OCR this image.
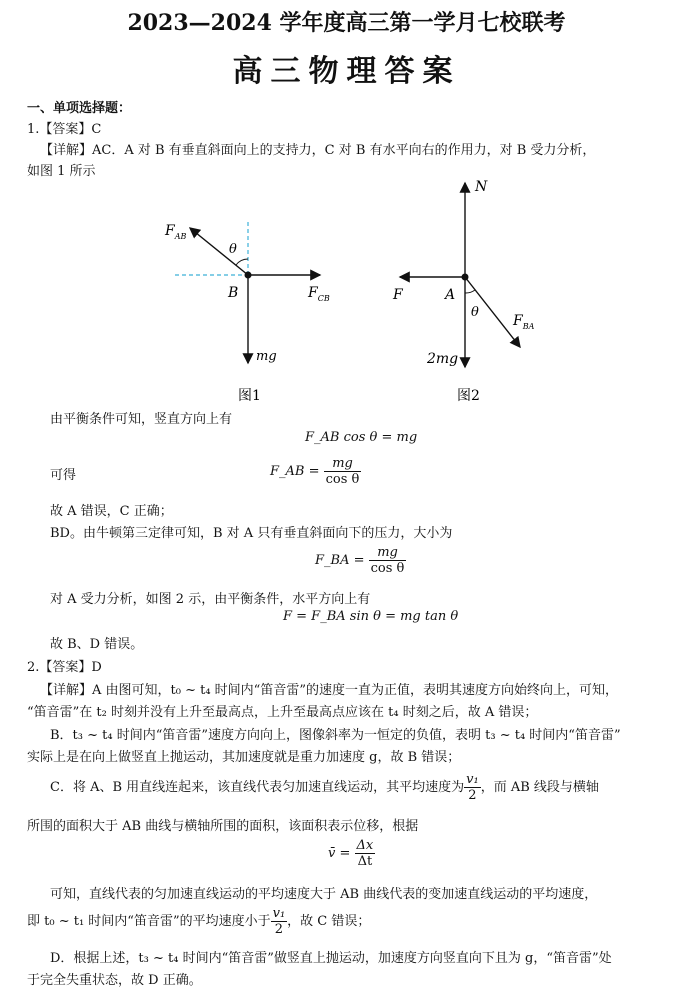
2023—2024 学年度高三第一学月七校联考
高三物理答案
一、单项选择题：
1.【答案】C
【详解】AC．A 对 B 有垂直斜面向上的支持力，C 对 B 有水平向右的作用力，对 B 受力分析，
如图 1 所示
$F_{AB}$
θ
B	$F_{CB}$
mg
图1
N
F	A
θ
$F_{BA}$
2mg
图2
由平衡条件可知，竖直方向上有
F_AB cos θ = mg
可得	F_AB = $\frac{mg}{\text{cos θ}}$
故 A 错误，C 正确；
BD。由牛顿第三定律可知，B 对 A 只有垂直斜面向下的压力，大小为
F_BA = $\frac{mg}{\text{cos θ}}$
对 A 受力分析，如图 2 示，由平衡条件，水平方向上有
F = F_BA sin θ = mg tan θ
故 B、D 错误。
2.【答案】D
【详解】A 由图可知，t₀ ~ t₄ 时间内“笛音雷”的速度一直为正值，表明其速度方向始终向上，可知，
“笛音雷”在 t₂ 时刻并没有上升至最高点，上升至最高点应该在 t₄ 时刻之后，故 A 错误；
B．t₃ ~ t₄ 时间内“笛音雷”速度方向向上，图像斜率为一恒定的负值，表明 t₃ ~ t₄ 时间内“笛音雷”
实际上是在向上做竖直上抛运动，其加速度就是重力加速度 g，故 B 错误；
C．将 A、B 用直线连起来，该直线代表匀加速直线运动，其平均速度为 $\frac{\text{v₁}}{2}$ ，而 AB 线段与横轴
所围的面积大于 AB 曲线与横轴所围的面积，该面积表示位移，根据
v̄ = $\frac{\Delta x}{\Delta t}$
可知，直线代表的匀加速直线运动的平均速度大于 AB 曲线代表的变加速直线运动的平均速度，
即 t₀ ~ t₁ 时间内“笛音雷”的平均速度小于 $\frac{\text{v₁}}{2}$ ，故 C 错误；
D．根据上述，t₃ ~ t₄ 时间内“笛音雷”做竖直上抛运动，加速度方向竖直向下且为 g，“笛音雷”处
于完全失重状态，故 D 正确。
